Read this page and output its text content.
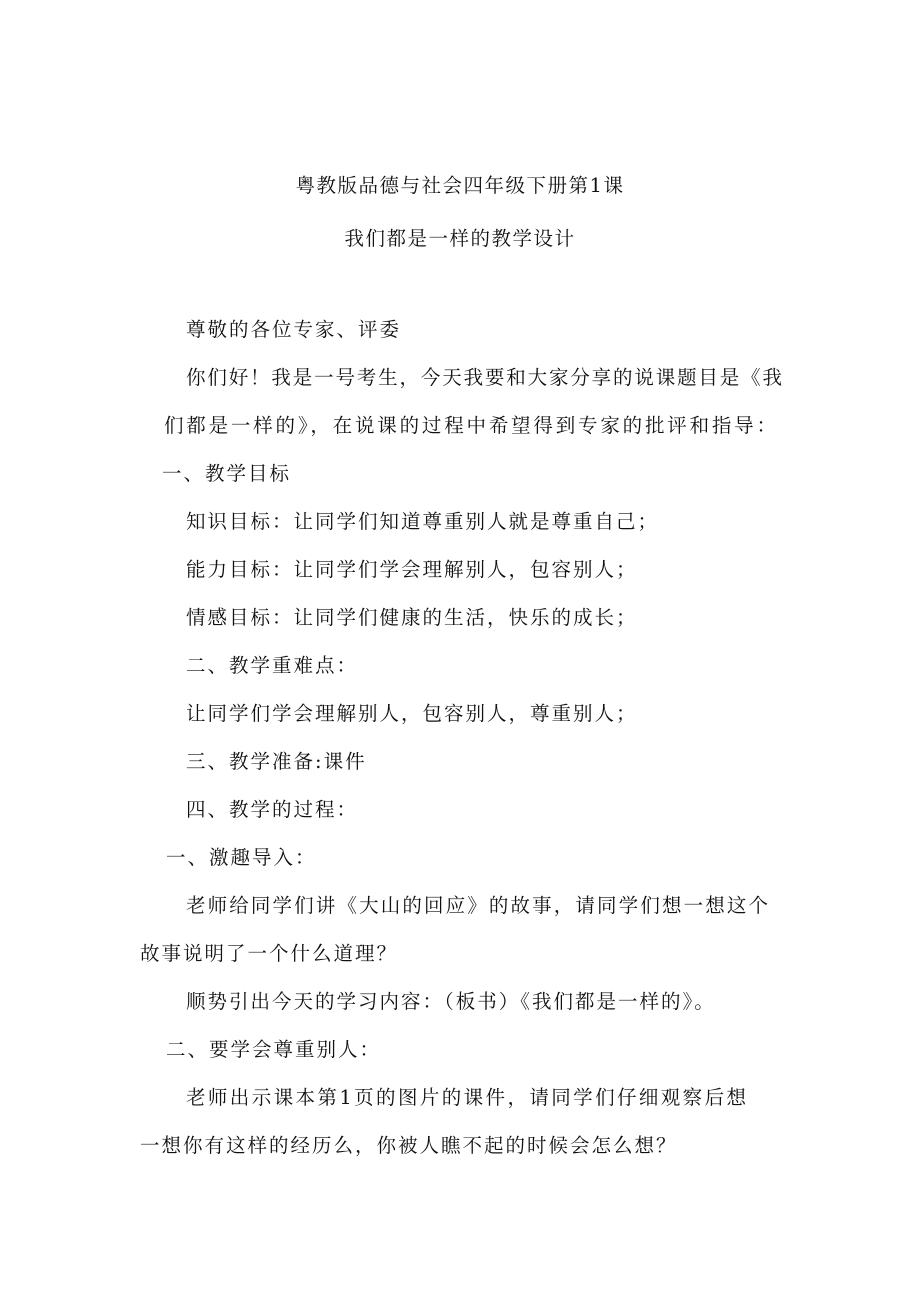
粤教版品德与社会四年级下册第1课
我们都是一样的教学设计
尊敬的各位专家、评委
你们好！我是一号考生，今天我要和大家分享的说课题目是《我
们都是一样的》，在说课的过程中希望得到专家的批评和指导：
一、教学目标
知识目标：让同学们知道尊重别人就是尊重自己；
能力目标：让同学们学会理解别人，包容别人；
情感目标：让同学们健康的生活，快乐的成长；
二、教学重难点：
让同学们学会理解别人，包容别人，尊重别人；
三、教学准备:课件
四、教学的过程：
一、激趣导入：
老师给同学们讲《大山的回应》的故事，请同学们想一想这个
故事说明了一个什么道理？
顺势引出今天的学习内容：（板书）《我们都是一样的》。
二、要学会尊重别人：
老师出示课本第1页的图片的课件，请同学们仔细观察后想
一想你有这样的经历么，你被人瞧不起的时候会怎么想？
